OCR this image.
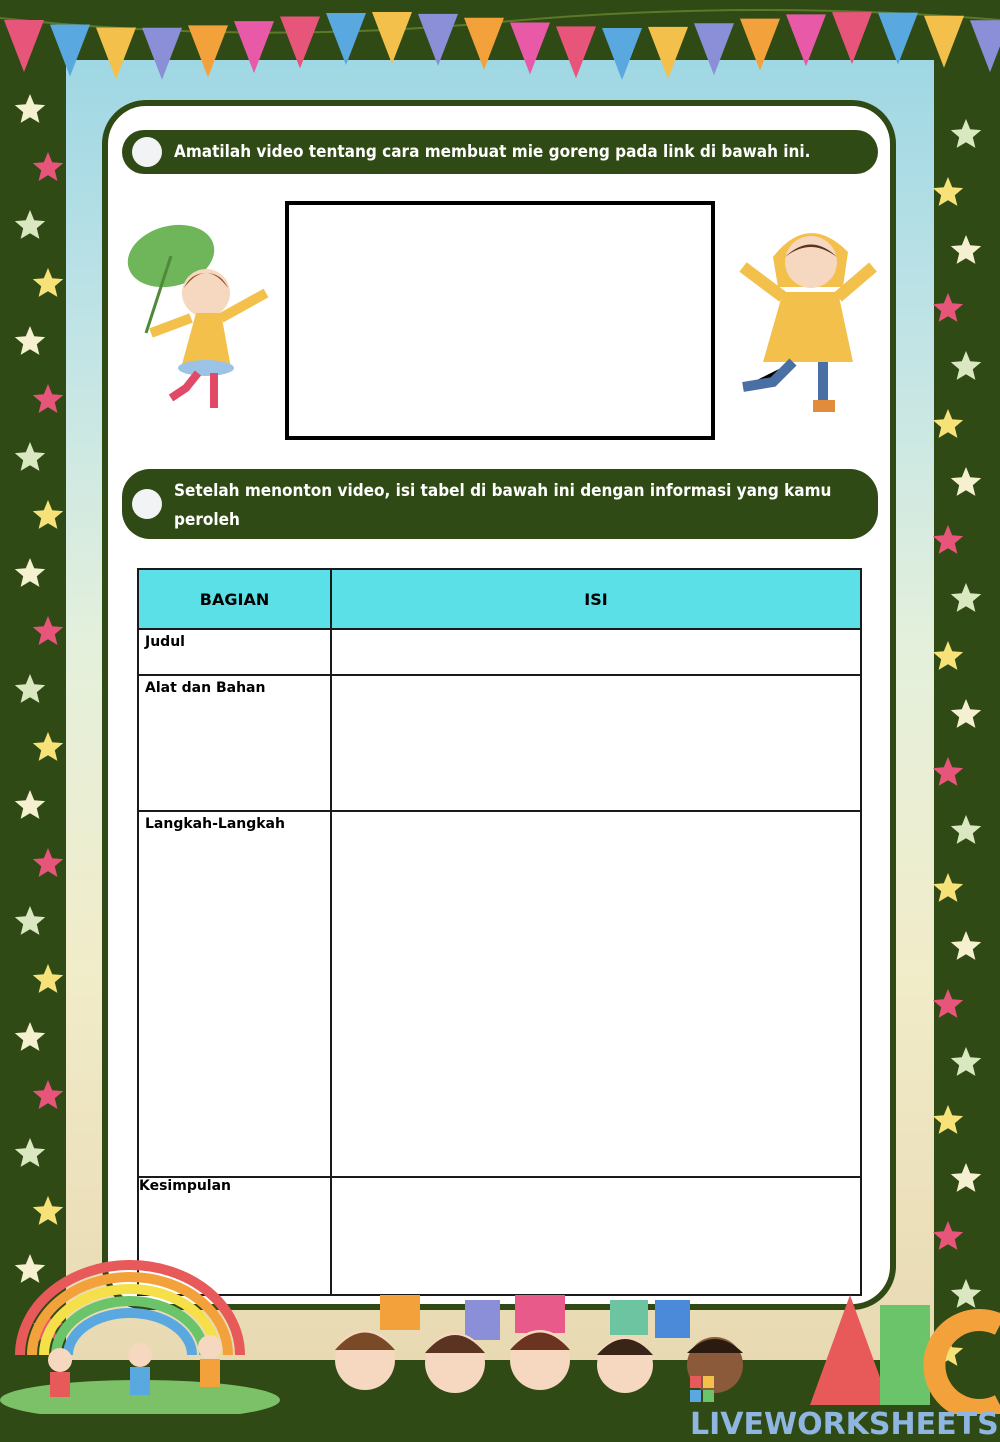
Amatilah video tentang cara membuat mie goreng pada link di bawah ini.
Setelah menonton video, isi tabel di bawah ini dengan informasi yang kamu peroleh
dari video.
BAGIAN	ISI
Judul	
Alat dan Bahan	
Langkah-Langkah	
Kesimpulan	
LIVEWORKSHEETS
